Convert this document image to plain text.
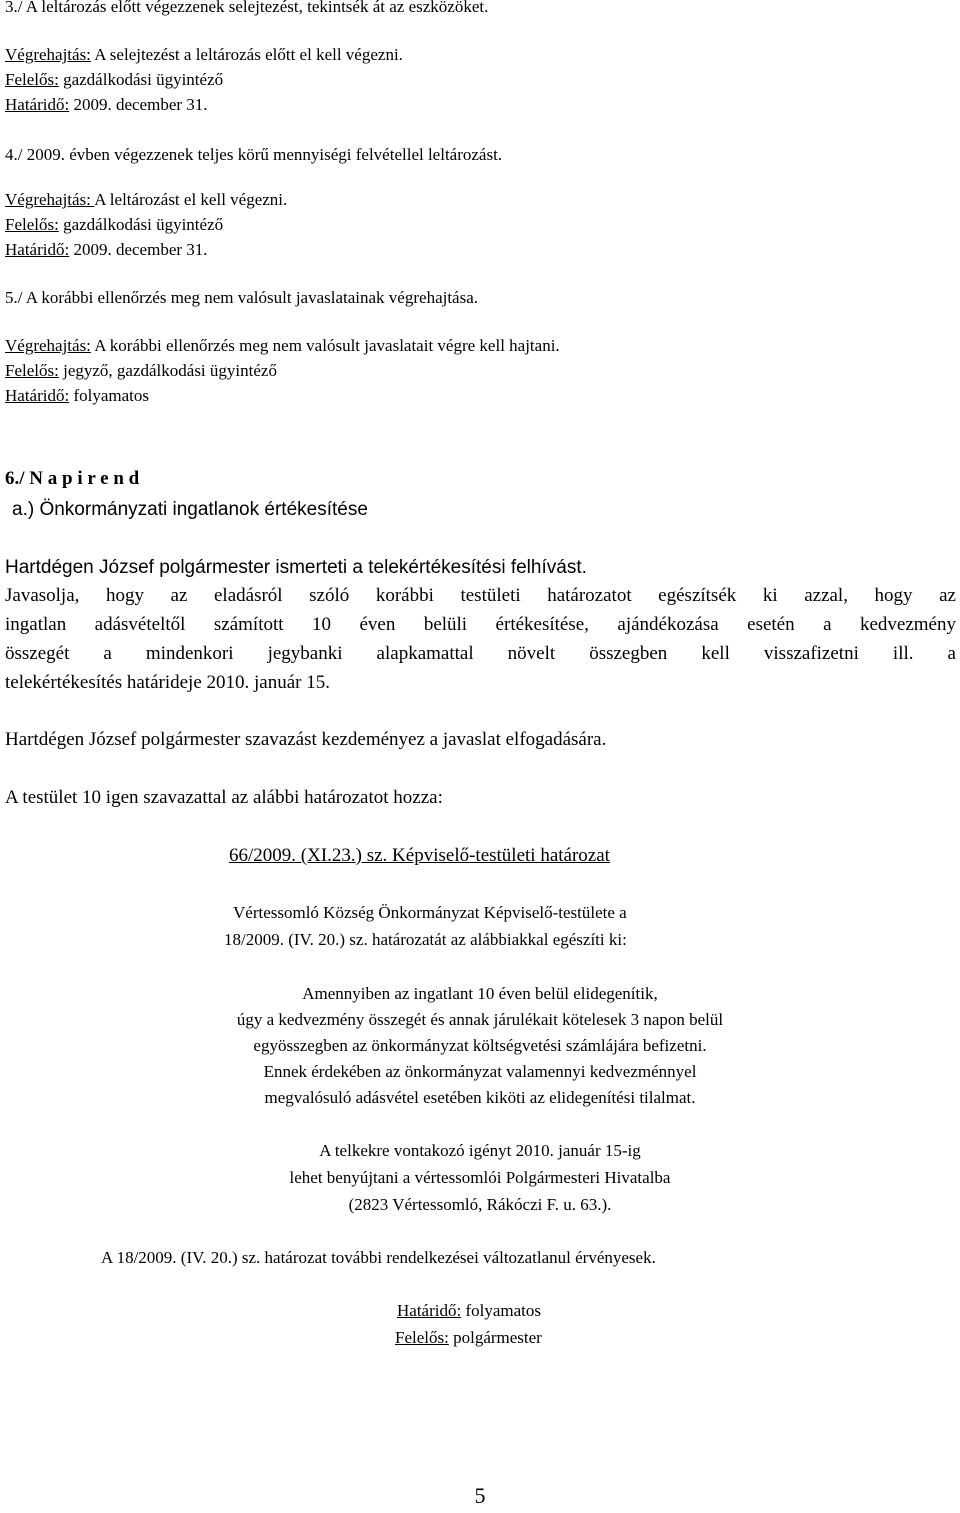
3./ A leltározás előtt végezzenek selejtezést, tekintsék át az eszközöket.
Végrehajtás: A selejtezést a leltározás előtt el kell végezni.
Felelős: gazdálkodási ügyintéző
Határidő: 2009. december 31.
4./ 2009. évben végezzenek teljes körű mennyiségi felvétellel leltározást.
Végrehajtás: A leltározást el kell végezni.
Felelős: gazdálkodási ügyintéző
Határidő: 2009. december 31.
5./ A korábbi ellenőrzés meg nem valósult javaslatainak végrehajtása.
Végrehajtás: A korábbi ellenőrzés meg nem valósult javaslatait végre kell hajtani.
Felelős: jegyző, gazdálkodási ügyintéző
Határidő: folyamatos
6./ N a p i r e n d
a.) Önkormányzati ingatlanok értékesítése
Hartdégen József polgármester ismerteti a telekértékesítési felhívást.
Javasolja, hogy az eladásról szóló korábbi testületi határozatot egészítsék ki azzal, hogy az
ingatlan adásvételtől számított 10 éven belüli értékesítése, ajándékozása esetén a kedvezmény
összegét a mindenkori jegybanki alapkamattal növelt összegben kell visszafizetni ill. a
telekértékesítés határideje 2010. január 15.
Hartdégen József polgármester szavazást kezdeményez a javaslat elfogadására.
A testület 10 igen szavazattal az alábbi határozatot hozza:
66/2009. (XI.23.) sz. Képviselő-testületi határozat
Vértessomló Község Önkormányzat Képviselő-testülete a
18/2009. (IV. 20.) sz. határozatát az alábbiakkal egészíti ki:
Amennyiben az ingatlant 10 éven belül elidegenítik,
úgy a kedvezmény összegét és annak járulékait kötelesek 3 napon belül
egyösszegben az önkormányzat költségvetési számlájára befizetni.
Ennek érdekében az önkormányzat valamennyi kedvezménnyel
megvalósuló adásvétel esetében kiköti az elidegenítési tilalmat.
A telkekre vontakozó igényt 2010. január 15-ig
lehet benyújtani a vértessomlói Polgármesteri Hivatalba
(2823 Vértessomló, Rákóczi F. u. 63.).
A 18/2009. (IV. 20.) sz. határozat további rendelkezései változatlanul érvényesek.
Határidő: folyamatos
Felelős: polgármester
5
